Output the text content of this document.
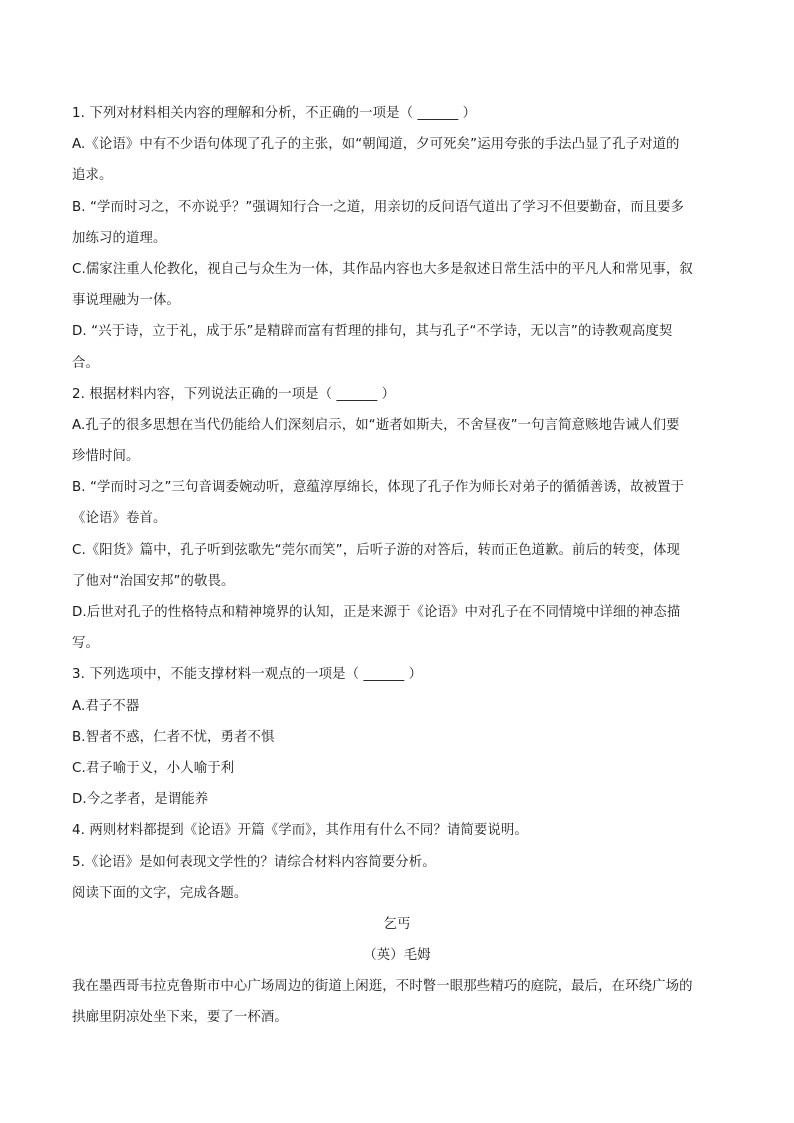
1. 下列对材料相关内容的理解和分析，不正确的一项是（ ______ ）
A.《论语》中有不少语句体现了孔子的主张，如“朝闻道，夕可死矣”运用夸张的手法凸显了孔子对道的
追求。
B. “学而时习之，不亦说乎？”强调知行合一之道，用亲切的反问语气道出了学习不但要勤奋，而且要多
加练习的道理。
C.儒家注重人伦教化，视自己与众生为一体，其作品内容也大多是叙述日常生活中的平凡人和常见事，叙
事说理融为一体。
D. “兴于诗，立于礼，成于乐”是精辟而富有哲理的排句，其与孔子“不学诗，无以言”的诗教观高度契
合。
2. 根据材料内容，下列说法正确的一项是（ ______ ）
A.孔子的很多思想在当代仍能给人们深刻启示，如“逝者如斯夫，不舍昼夜”一句言简意赅地告诫人们要
珍惜时间。
B. “学而时习之”三句音调委婉动听，意蕴淳厚绵长，体现了孔子作为师长对弟子的循循善诱，故被置于
《论语》卷首。
C.《阳货》篇中，孔子听到弦歌先“莞尔而笑”，后听子游的对答后，转而正色道歉。前后的转变，体现
了他对“治国安邦”的敬畏。
D.后世对孔子的性格特点和精神境界的认知，正是来源于《论语》中对孔子在不同情境中详细的神态描
写。
3. 下列选项中，不能支撑材料一观点的一项是（ ______ ）
A.君子不器
B.智者不惑，仁者不忧，勇者不惧
C.君子喻于义，小人喻于利
D.今之孝者，是谓能养
4. 两则材料都提到《论语》开篇《学而》，其作用有什么不同？请简要说明。
5.《论语》是如何表现文学性的？请综合材料内容简要分析。
阅读下面的文字，完成各题。
乞丐
（英）毛姆
我在墨西哥韦拉克鲁斯市中心广场周边的街道上闲逛，不时瞥一眼那些精巧的庭院，最后，在环绕广场的
拱廊里阴凉处坐下来，要了一杯酒。
